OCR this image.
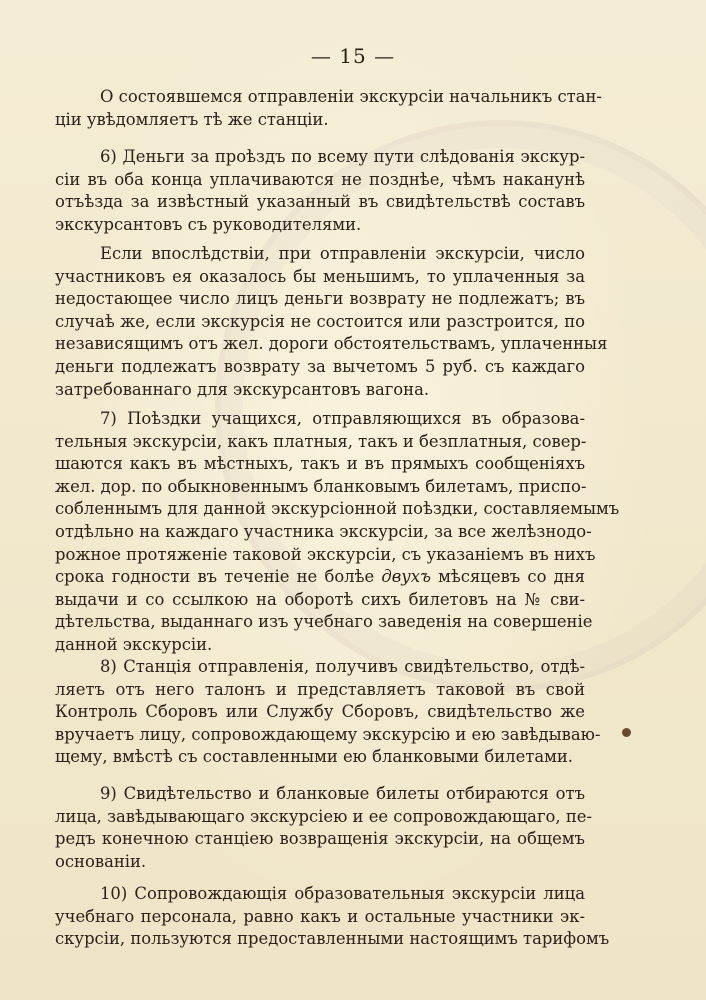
— 15 —
О состоявшемся отправленіи экскурсіи начальникъ стан-
ціи увѣдомляетъ тѣ же станціи.
6) Деньги за проѣздъ по всему пути слѣдованія экскур-
сіи въ оба конца уплачиваются не позднѣе, чѣмъ наканунѣ
отъѣзда за извѣстный указанный въ свидѣтельствѣ составъ
экскурсантовъ съ руководителями.
Если впослѣдствіи, при отправленіи экскурсіи, число
участниковъ ея оказалось бы меньшимъ, то уплаченныя за
недостающее число лицъ деньги возврату не подлежатъ; въ
случаѣ же, если экскурсія не состоится или разстроится, по
независящимъ отъ жел. дороги обстоятельствамъ, уплаченныя
деньги подлежатъ возврату за вычетомъ 5 руб. съ каждаго
затребованнаго для экскурсантовъ вагона.
7) Поѣздки учащихся, отправляющихся въ образова-
тельныя экскурсіи, какъ платныя, такъ и безплатныя, совер-
шаются какъ въ мѣстныхъ, такъ и въ прямыхъ сообщеніяхъ
жел. дор. по обыкновеннымъ бланковымъ билетамъ, приспо-
собленнымъ для данной экскурсіонной поѣздки, составляемымъ
отдѣльно на каждаго участника экскурсіи, за все желѣзнодо-
рожное протяженіе таковой экскурсіи, съ указаніемъ въ нихъ
срока годности въ теченіе не болѣе двухъ мѣсяцевъ со дня
выдачи и со ссылкою на оборотѣ сихъ билетовъ на № сви-
дѣтельства, выданнаго изъ учебнаго заведенія на совершеніе
данной экскурсіи.
8) Станція отправленія, получивъ свидѣтельство, отдѣ-
ляетъ отъ него талонъ и представляетъ таковой въ свой
Контроль Сборовъ или Службу Сборовъ, свидѣтельство же
вручаетъ лицу, сопровождающему экскурсію и ею завѣдываю-
щему, вмѣстѣ съ составленными ею бланковыми билетами.
9) Свидѣтельство и бланковые билеты отбираются отъ
лица, завѣдывающаго экскурсіею и ее сопровождающаго, пе-
редъ конечною станціею возвращенія экскурсіи, на общемъ
основаніи.
10) Сопровождающія образовательныя экскурсіи лица
учебнаго персонала, равно какъ и остальные участники эк-
скурсіи, пользуются предоставленными настоящимъ тарифомъ
